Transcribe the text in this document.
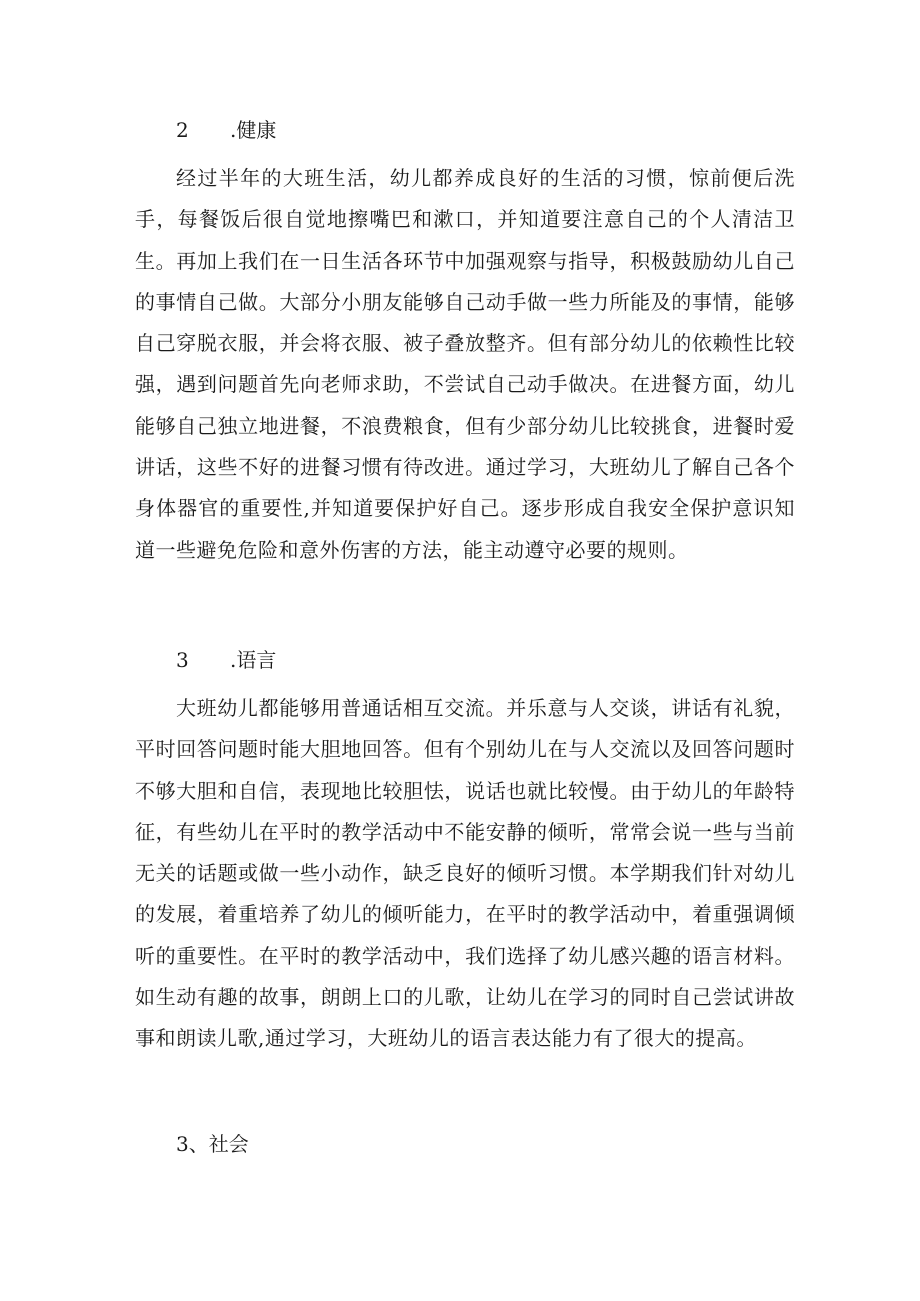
2 .健康

经过半年的大班生活，幼儿都养成良好的生活的习惯，惊前便后洗手，每餐饭后很自觉地擦嘴巴和漱口，并知道要注意自己的个人清洁卫生。再加上我们在一日生活各环节中加强观察与指导，积极鼓励幼儿自己的事情自己做。大部分小朋友能够自己动手做一些力所能及的事情，能够自己穿脱衣服，并会将衣服、被子叠放整齐。但有部分幼儿的依赖性比较强，遇到问题首先向老师求助，不尝试自己动手做决。在进餐方面，幼儿能够自己独立地进餐，不浪费粮食，但有少部分幼儿比较挑食，进餐时爱讲话，这些不好的进餐习惯有待改进。通过学习，大班幼儿了解自己各个身体器官的重要性,并知道要保护好自己。逐步形成自我安全保护意识知道一些避免危险和意外伤害的方法，能主动遵守必要的规则。

3 .语言

大班幼儿都能够用普通话相互交流。并乐意与人交谈，讲话有礼貌，平时回答问题时能大胆地回答。但有个别幼儿在与人交流以及回答问题时不够大胆和自信，表现地比较胆怯，说话也就比较慢。由于幼儿的年龄特征，有些幼儿在平时的教学活动中不能安静的倾听，常常会说一些与当前无关的话题或做一些小动作，缺乏良好的倾听习惯。本学期我们针对幼儿的发展，着重培养了幼儿的倾听能力，在平时的教学活动中，着重强调倾听的重要性。在平时的教学活动中，我们选择了幼儿感兴趣的语言材料。如生动有趣的故事，朗朗上口的儿歌，让幼儿在学习的同时自己尝试讲故事和朗读儿歌,通过学习，大班幼儿的语言表达能力有了很大的提高。

3、社会
